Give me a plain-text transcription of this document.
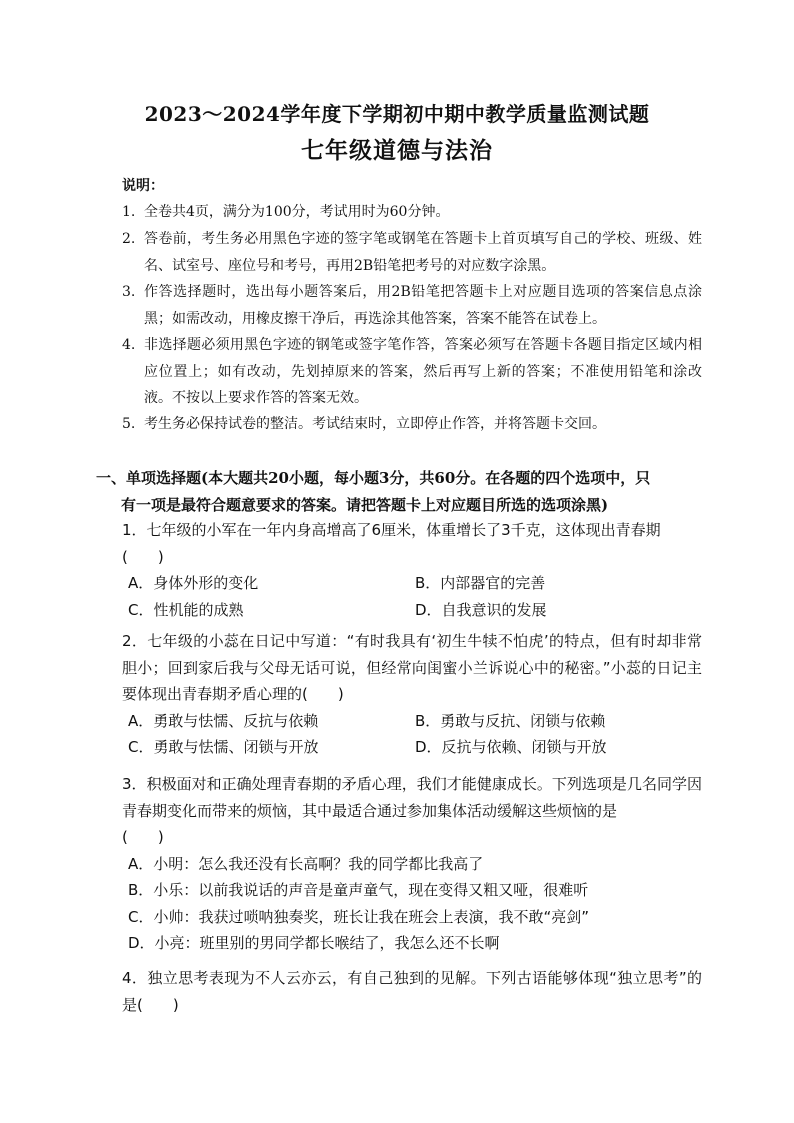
2023～2024学年度下学期初中期中教学质量监测试题
七年级道德与法治
说明：
1. 全卷共4页，满分为100分，考试用时为60分钟。
2. 答卷前，考生务必用黑色字迹的签字笔或钢笔在答题卡上首页填写自己的学校、班级、姓名、试室号、座位号和考号，再用2B铅笔把考号的对应数字涂黑。
3. 作答选择题时，选出每小题答案后，用2B铅笔把答题卡上对应题目选项的答案信息点涂黑；如需改动，用橡皮擦干净后，再选涂其他答案，答案不能答在试卷上。
4. 非选择题必须用黑色字迹的钢笔或签字笔作答，答案必须写在答题卡各题目指定区域内相应位置上；如有改动，先划掉原来的答案，然后再写上新的答案；不准使用铅笔和涂改液。不按以上要求作答的答案无效。
5. 考生务必保持试卷的整洁。考试结束时，立即停止作答，并将答题卡交回。
一、单项选择题(本大题共20小题，每小题3分，共60分。在各题的四个选项中，只
有一项是最符合题意要求的答案。请把答题卡上对应题目所选的选项涂黑)
1．七年级的小军在一年内身高增高了6厘米，体重增长了3千克，这体现出青春期
(　　)
A．身体外形的变化	B．内部器官的完善
C．性机能的成熟	D．自我意识的发展
2．七年级的小蕊在日记中写道：“有时我具有‘初生牛犊不怕虎’的特点，但有时却非常胆小；回到家后我与父母无话可说，但经常向闺蜜小兰诉说心中的秘密。”小蕊的日记主要体现出青春期矛盾心理的(　　)
A．勇敢与怯懦、反抗与依赖	B．勇敢与反抗、闭锁与依赖
C．勇敢与怯懦、闭锁与开放	D．反抗与依赖、闭锁与开放
3．积极面对和正确处理青春期的矛盾心理，我们才能健康成长。下列选项是几名同学因青春期变化而带来的烦恼，其中最适合通过参加集体活动缓解这些烦恼的是
(　　)
A．小明：怎么我还没有长高啊？我的同学都比我高了
B．小乐：以前我说话的声音是童声童气，现在变得又粗又哑，很难听
C．小帅：我获过唢呐独奏奖，班长让我在班会上表演，我不敢“亮剑”
D．小亮：班里别的男同学都长喉结了，我怎么还不长啊
4．独立思考表现为不人云亦云，有自己独到的见解。下列古语能够体现“独立思考”的是(　　)
